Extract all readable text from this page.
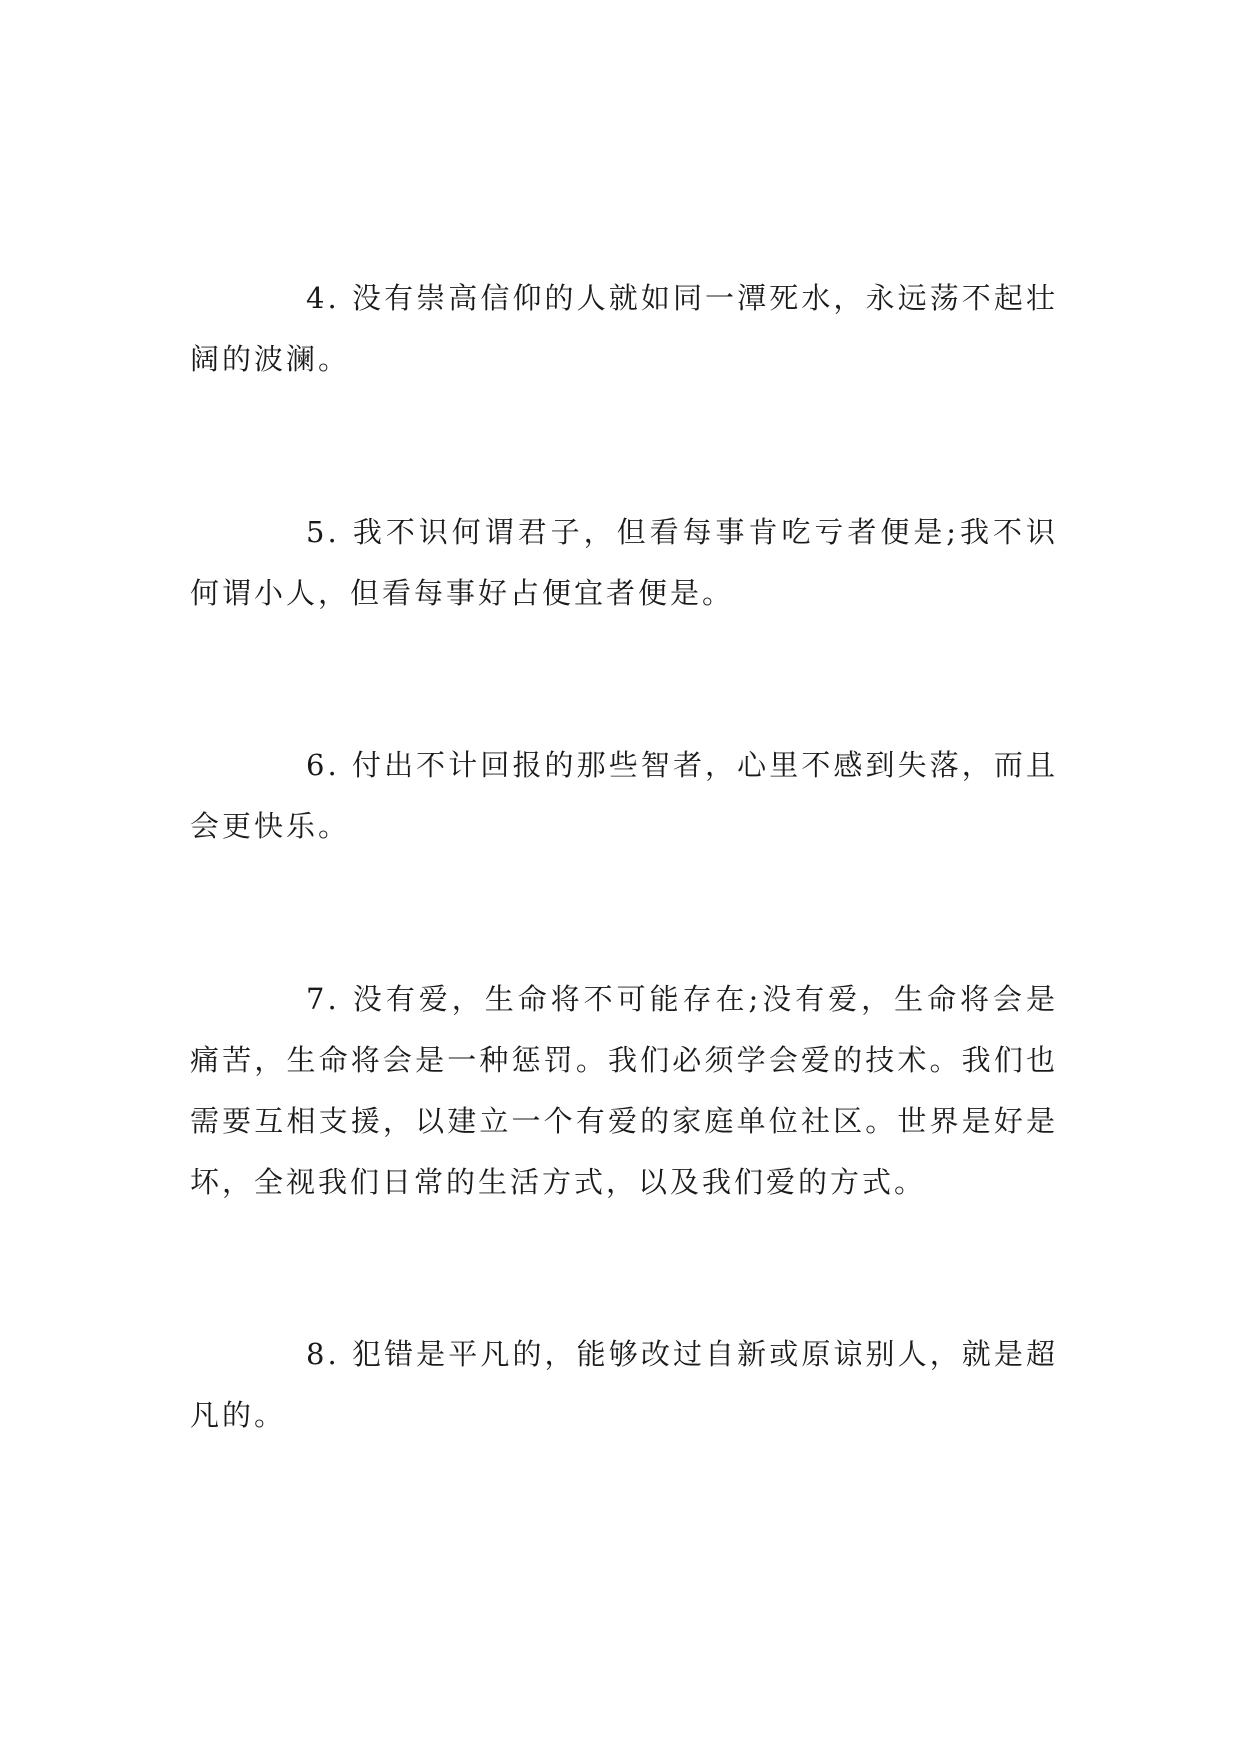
4. 没有崇高信仰的人就如同一潭死水，永远荡不起壮阔的波澜。

5. 我不识何谓君子，但看每事肯吃亏者便是;我不识何谓小人，但看每事好占便宜者便是。

6. 付出不计回报的那些智者，心里不感到失落，而且会更快乐。

7. 没有爱，生命将不可能存在;没有爱，生命将会是痛苦，生命将会是一种惩罚。我们必须学会爱的技术。我们也需要互相支援，以建立一个有爱的家庭单位社区。世界是好是坏，全视我们日常的生活方式，以及我们爱的方式。

8. 犯错是平凡的，能够改过自新或原谅别人，就是超凡的。
